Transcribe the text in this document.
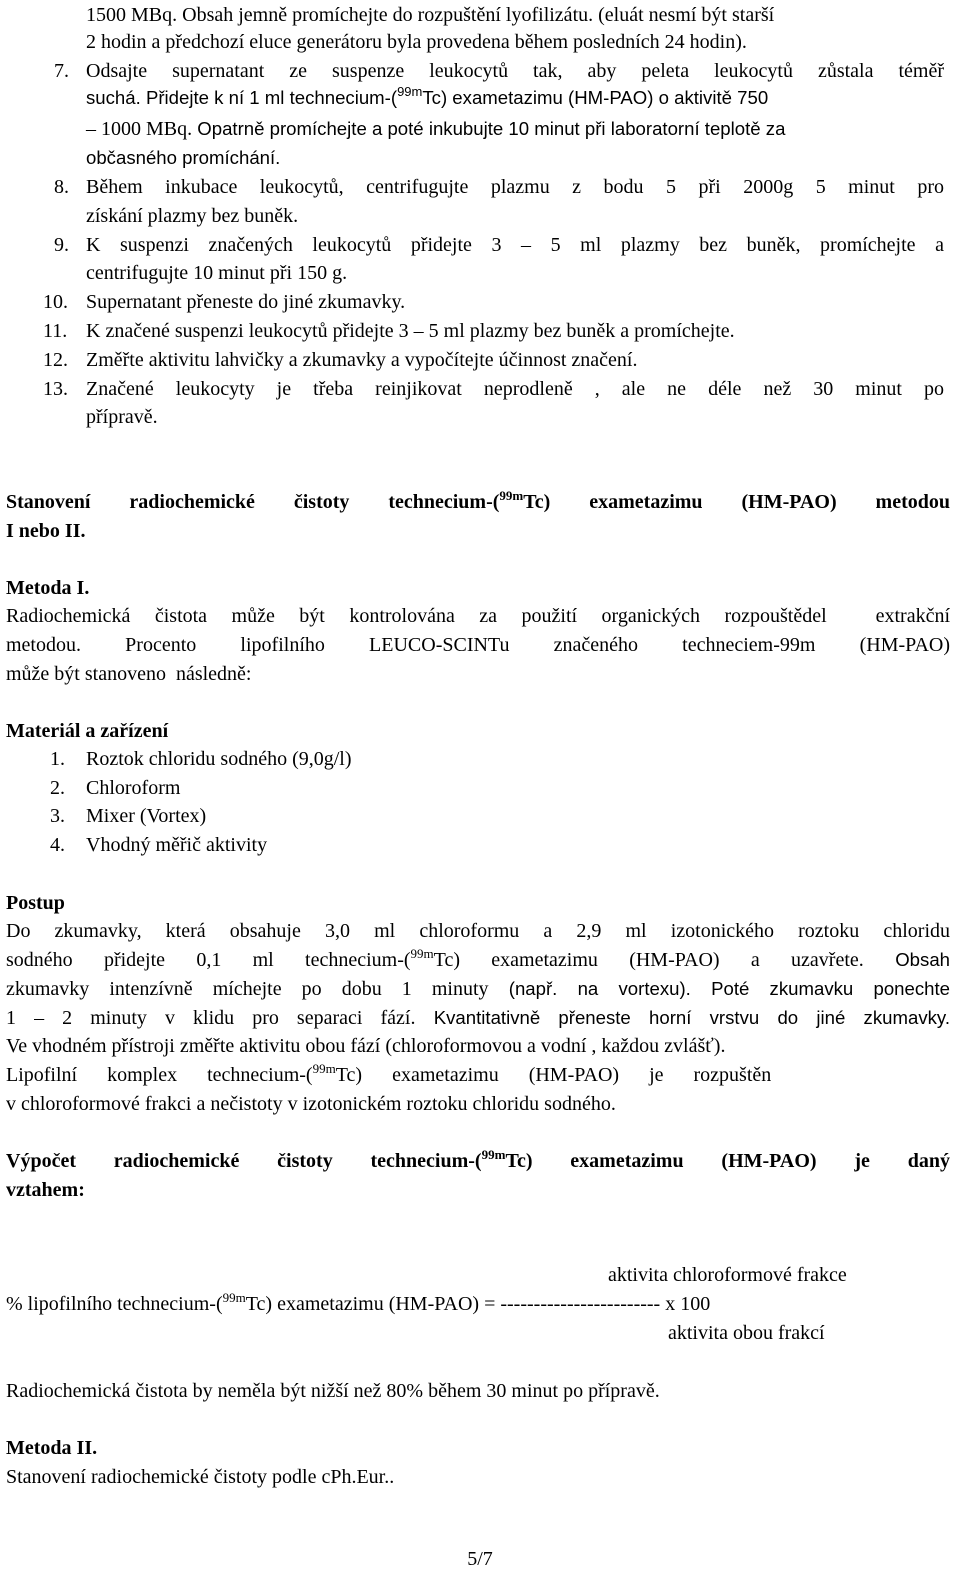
1500 MBq. Obsah jemně promíchejte do rozpuštění lyofilizátu. (eluát nesmí být starší
2 hodin a předchozí eluce generátoru byla provedena během posledních 24 hodin).
7. Odsajte supernatant ze suspenze leukocytů tak, aby peleta leukocytů zůstala téměř
suchá. Přidejte k ní 1 ml technecium-($^{99m}$Tc) exametazimu (HM-PAO) o aktivitě 750
– 1000 MBq. Opatrně promíchejte a poté inkubujte 10 minut při laboratorní teplotě za
občasného promíchání.
8. Během inkubace leukocytů, centrifugujte plazmu z bodu 5 při 2000g 5 minut pro
získání plazmy bez buněk.
9. K suspenzi značených leukocytů přidejte 3 – 5 ml plazmy bez buněk, promíchejte a
centrifugujte 10 minut při 150 g.
10. Supernatant přeneste do jiné zkumavky.
11. K značené suspenzi leukocytů přidejte 3 – 5 ml plazmy bez buněk a promíchejte.
12. Změřte aktivitu lahvičky a zkumavky a vypočítejte účinnost značení.
13. Značené leukocyty je třeba reinjikovat neprodleně , ale ne déle než 30 minut po
přípravě.
Stanovení radiochemické čistoty technecium-($^{99m}$Tc) exametazimu (HM-PAO) metodou
I nebo II.
Metoda I.
Radiochemická čistota může být kontrolována za použití organických rozpouštědel  extrakční
metodou. Procento lipofilního LEUCO-SCINTu značeného techneciem-99m (HM-PAO)
může být stanoveno  následně:
Materiál a zařízení
1. Roztok chloridu sodného (9,0g/l)
2. Chloroform
3. Mixer (Vortex)
4. Vhodný měřič aktivity
Postup
Do zkumavky, která obsahuje 3,0 ml chloroformu a 2,9 ml izotonického roztoku chloridu
sodného přidejte 0,1 ml technecium-($^{99m}$Tc) exametazimu (HM-PAO) a uzavřete. Obsah
zkumavky intenzívně míchejte po dobu 1 minuty (např. na vortexu). Poté zkumavku ponechte
1 – 2 minuty v klidu pro separaci fází. Kvantitativně přeneste horní vrstvu do jiné zkumavky.
Ve vhodném přístroji změřte aktivitu obou fází (chloroformovou a vodní , každou zvlášť).
Lipofilní      komplex      technecium-($^{99m}$Tc)      exametazimu      (HM-PAO)      je      rozpuštěn
v chloroformové frakci a nečistoty v izotonickém roztoku chloridu sodného.
Výpočet radiochemické čistoty technecium-($^{99m}$Tc) exametazimu (HM-PAO) je daný
vztahem:
aktivita chloroformové frakce
% lipofilního technecium-($^{99m}$Tc) exametazimu (HM-PAO) = ------------------------ x 100
aktivita obou frakcí
Radiochemická čistota by neměla být nižší než 80% během 30 minut po přípravě.
Metoda II.
Stanovení radiochemické čistoty podle cPh.Eur..
5/7
